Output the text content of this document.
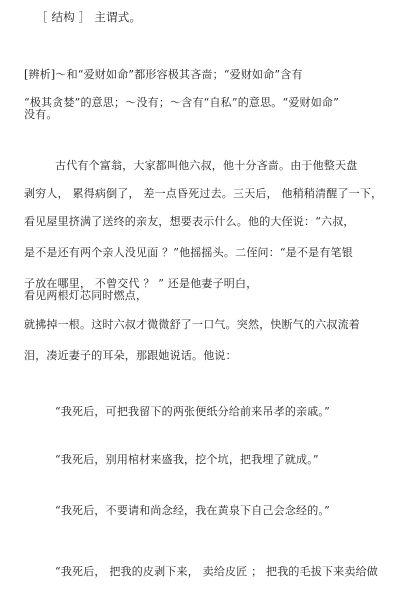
［ 结构 ］ 主谓式。
[辨析]～和“爱财如命”都形容极其吝啬；“爱财如命”含有
“极其贪婪”的意思；～没有；～含有“自私”的意思。“爱财如命”
没有。
古代有个富翁，大家都叫他六叔，他十分吝啬。由于他整天盘
剥穷人， 累得病倒了， 差一点昏死过去。三天后， 他稍稍清醒了一下，
看见屋里挤满了送终的亲友，想要表示什么。他的大侄说：“六叔，
是不是还有两个亲人没见面 ？”他摇摇头。二侄问：“是不是有笔银
子放在哪里， 不曾交代 ？ ” 还是他妻子明白，
看见两根灯芯同时燃点，
就拂掉一根。这时六叔才微微舒了一口气。突然，快断气的六叔流着
泪，凑近妻子的耳朵，那跟她说话。他说：
“我死后，可把我留下的两张便纸分给前来吊孝的亲戚。”
“我死后，别用棺材来盛我，挖个坑，把我埋了就成。”
“我死后，不要请和尚念经，我在黄泉下自己会念经的。”
“我死后， 把我的皮剥下来， 卖给皮匠 ； 把我的毛拔下来卖给做
